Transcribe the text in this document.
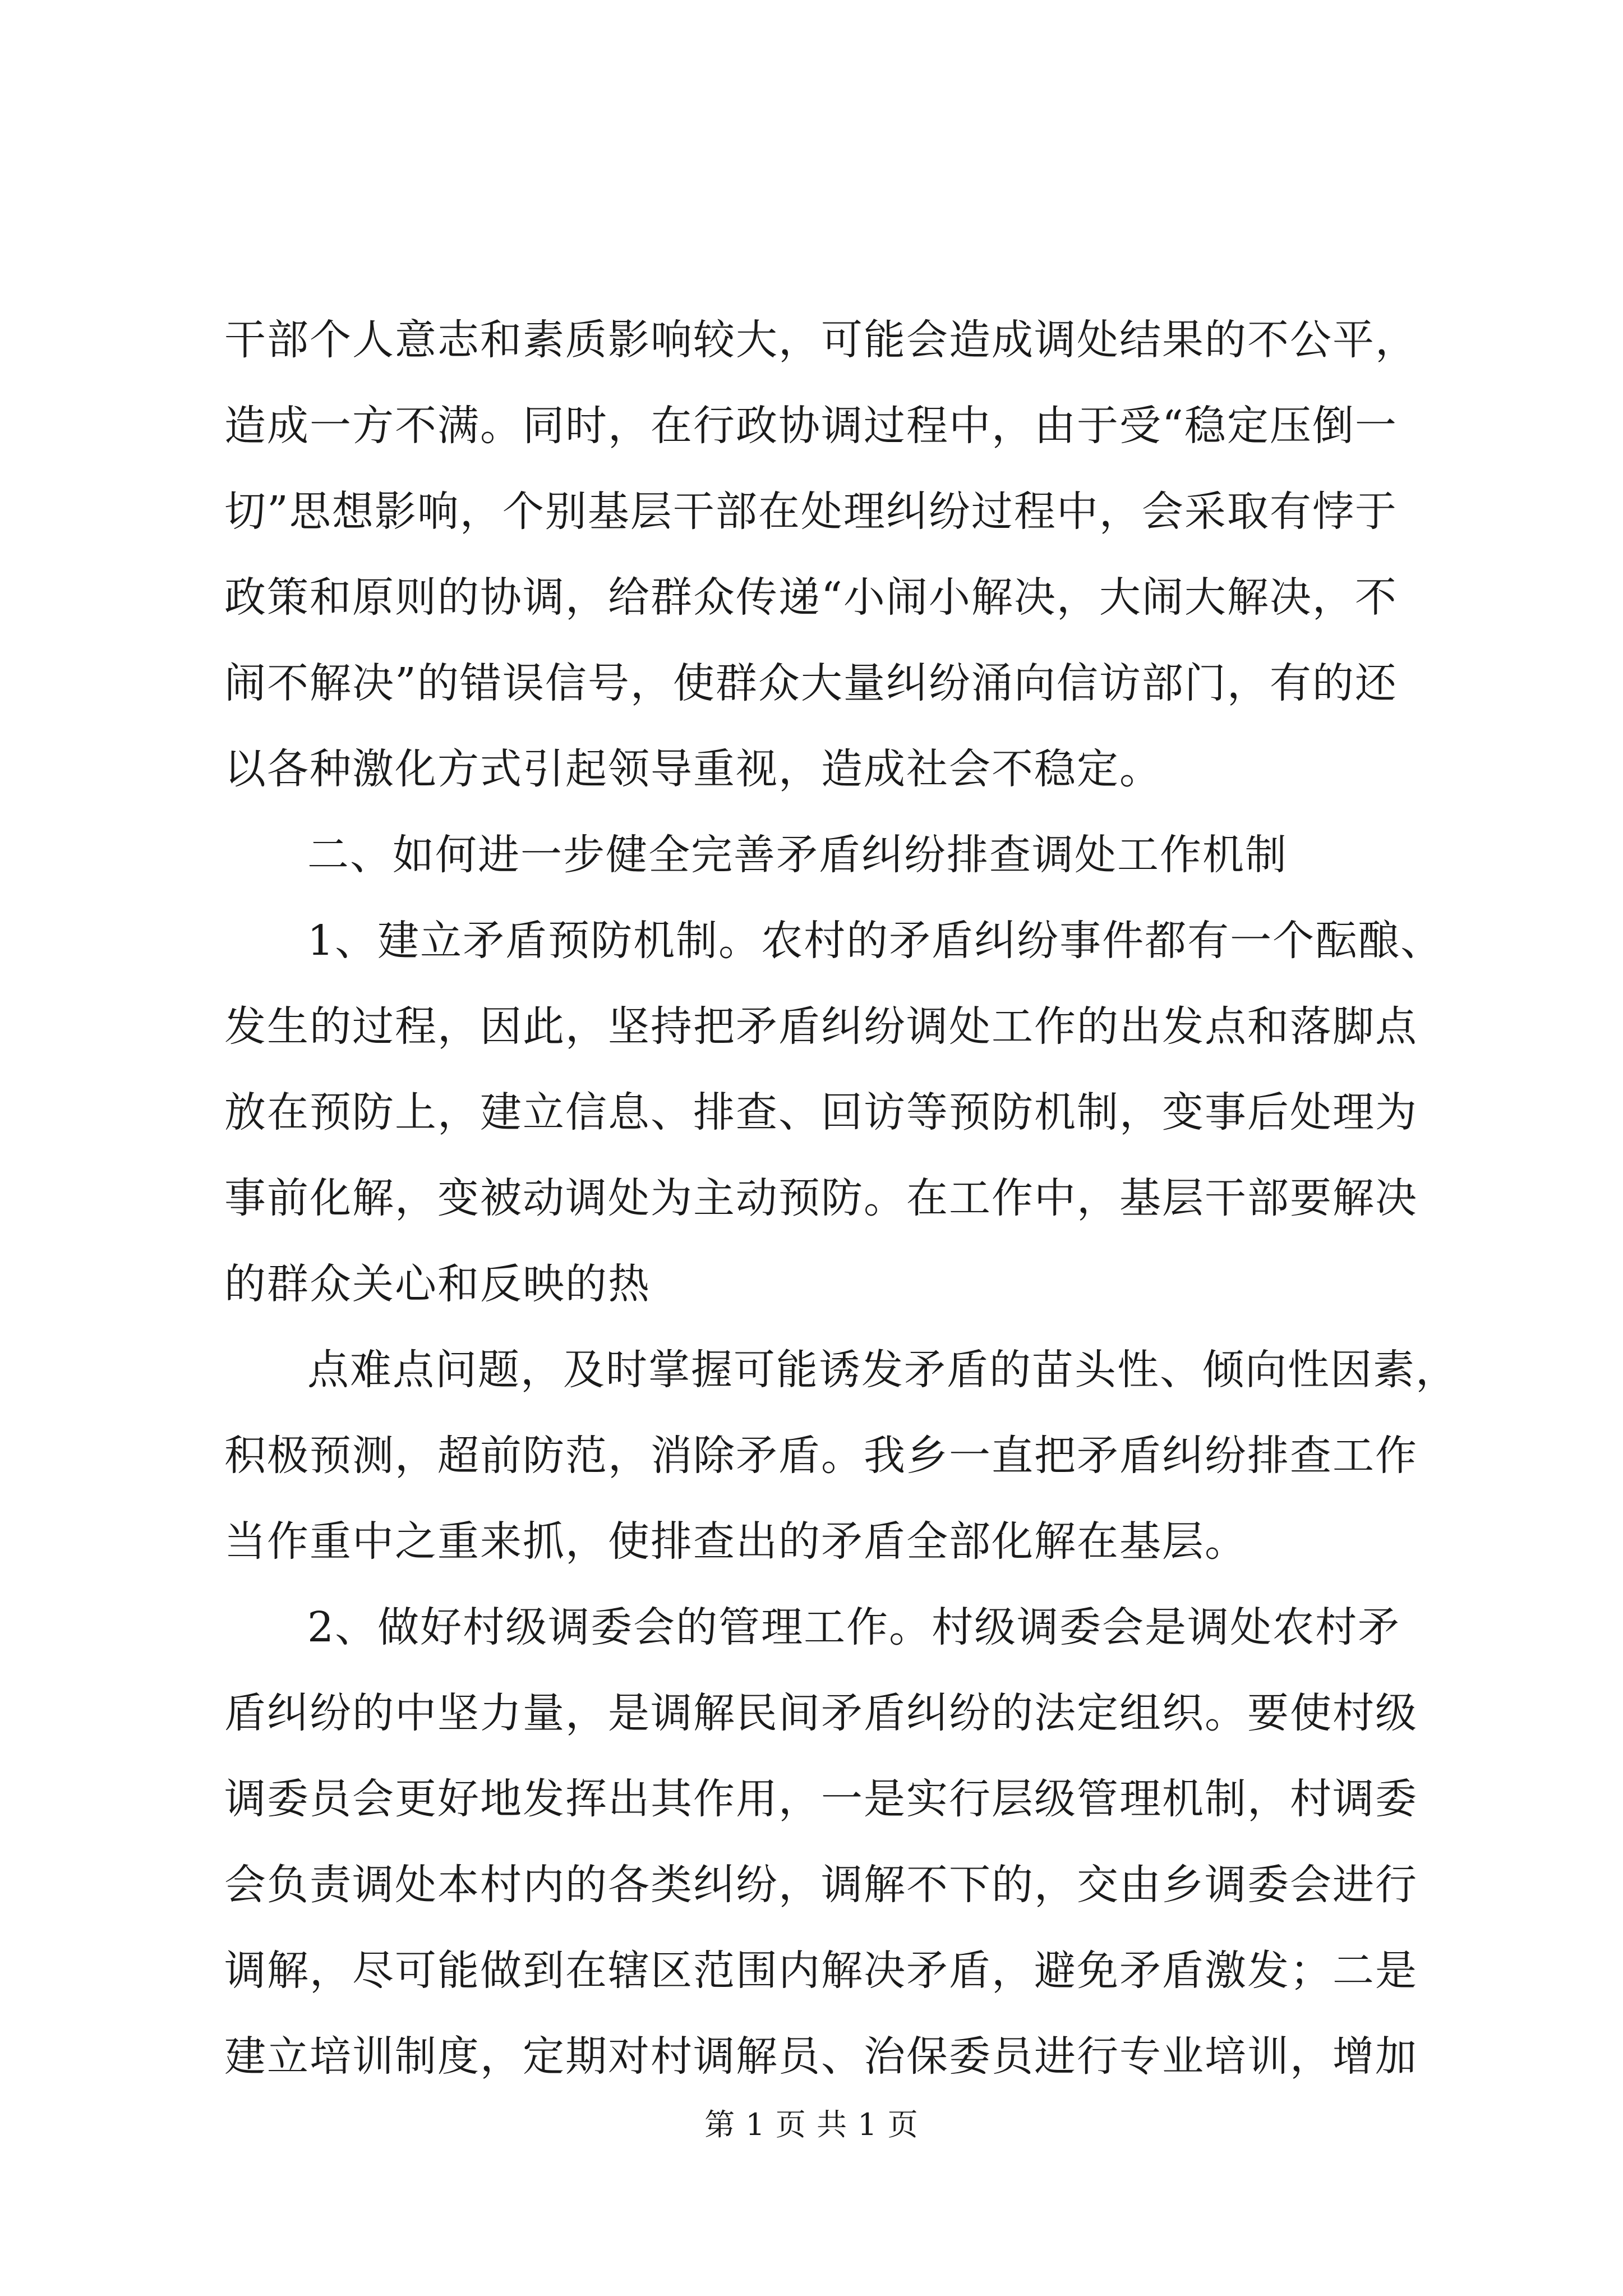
干部个人意志和素质影响较大，可能会造成调处结果的不公平，
造成一方不满。同时，在行政协调过程中，由于受“稳定压倒一
切”思想影响，个别基层干部在处理纠纷过程中，会采取有悖于
政策和原则的协调，给群众传递“小闹小解决，大闹大解决，不
闹不解决”的错误信号，使群众大量纠纷涌向信访部门，有的还
以各种激化方式引起领导重视，造成社会不稳定。
二、如何进一步健全完善矛盾纠纷排查调处工作机制
1、建立矛盾预防机制。农村的矛盾纠纷事件都有一个酝酿、
发生的过程，因此，坚持把矛盾纠纷调处工作的出发点和落脚点
放在预防上，建立信息、排查、回访等预防机制，变事后处理为
事前化解，变被动调处为主动预防。在工作中，基层干部要解决
的群众关心和反映的热
点难点问题，及时掌握可能诱发矛盾的苗头性、倾向性因素，
积极预测，超前防范，消除矛盾。我乡一直把矛盾纠纷排查工作
当作重中之重来抓，使排查出的矛盾全部化解在基层。
2、做好村级调委会的管理工作。村级调委会是调处农村矛
盾纠纷的中坚力量，是调解民间矛盾纠纷的法定组织。要使村级
调委员会更好地发挥出其作用，一是实行层级管理机制，村调委
会负责调处本村内的各类纠纷，调解不下的，交由乡调委会进行
调解，尽可能做到在辖区范围内解决矛盾，避免矛盾激发；二是
建立培训制度，定期对村调解员、治保委员进行专业培训，增加
第 1 页 共 1 页
